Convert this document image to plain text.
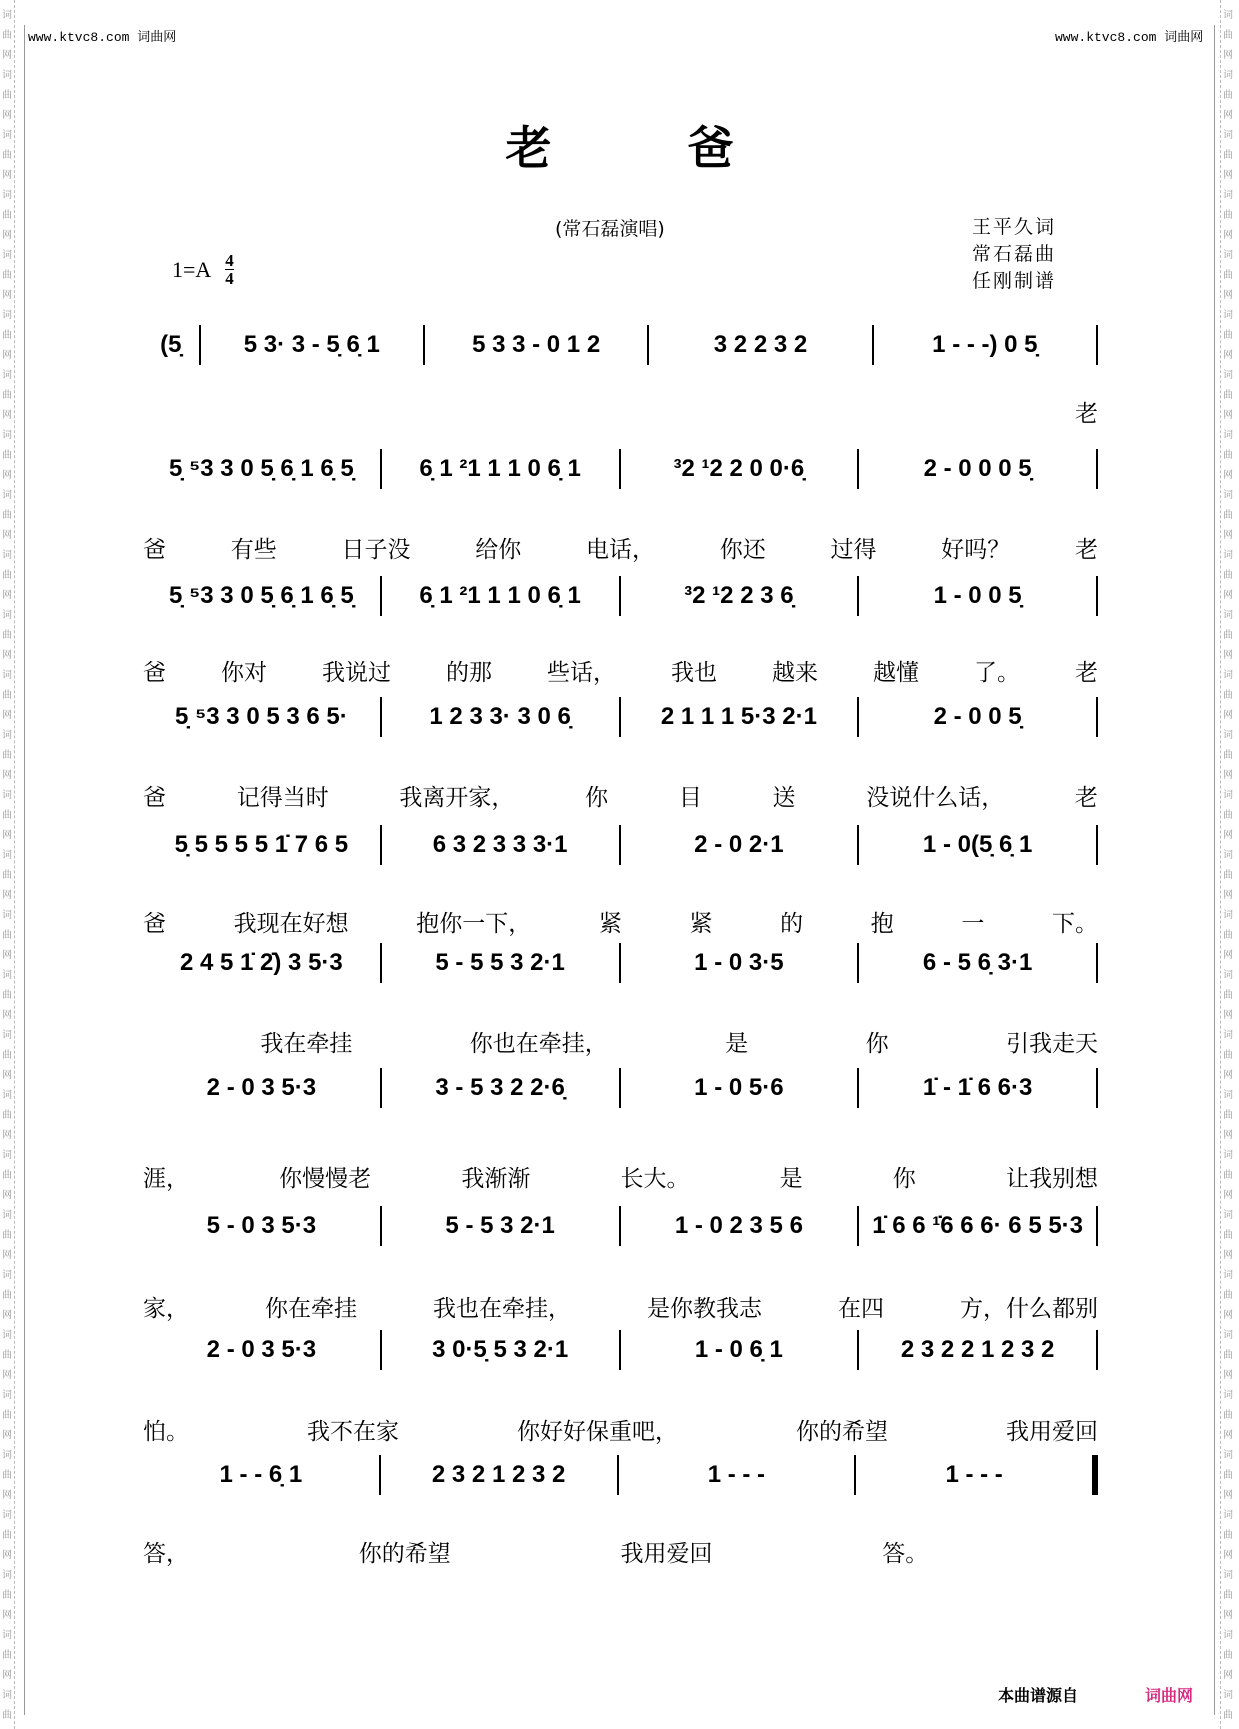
词
曲
网
词
曲
网
词
曲
网
词
曲
网
词
曲
网
词
曲
网
词
曲
网
词
曲
网
词
曲
网
词
曲
网
词
曲
网
词
曲
网
词
曲
网
词
曲
网
词
曲
网
词
曲
网
词
曲
网
词
曲
网
词
曲
网
词
曲
网
词
曲
网
词
曲
网
词
曲
网
词
曲
网
词
曲
网
词
曲
网
词
曲
网
词
曲
网
词
曲
词
曲
网
词
曲
网
词
曲
网
词
曲
网
词
曲
网
词
曲
网
词
曲
网
词
曲
网
词
曲
网
词
曲
网
词
曲
网
词
曲
网
词
曲
网
词
曲
网
词
曲
网
词
曲
网
词
曲
网
词
曲
网
词
曲
网
词
曲
网
词
曲
网
词
曲
网
词
曲
网
词
曲
网
词
曲
网
词
曲
网
词
曲
网
词
曲
网
词
曲
www.ktvc8.com 词曲网	www.ktvc8.com 词曲网
老 爸
(常石磊演唱)	王平久词
常石磊曲
任刚制谱
$1=A \frac{4}{4}$
(5̣	5 3· 3 - 5̣ 6̣ 1	5 3 3 - 0 1 2	3 2 2 3 2	1 - - -) 0 5̣
老
5̣ ⁵3 3 0 5̣ 6̣ 1 6̣ 5̣	6̣ 1 ²1 1 1 0 6̣ 1	³2 ¹2 2 0 0·6̣	2 - 0 0 0 5̣
爸	有些	日子没	给你	电话，	你还	过得	好吗？	老
5̣ ⁵3 3 0 5̣ 6̣ 1 6̣ 5̣	6̣ 1 ²1 1 1 0 6̣ 1	³2 ¹2 2 3 6̣	1 - 0 0 5̣
爸 你对 我说过 的那 些话， 我也 越来 越懂 了。 老
5̣ ⁵3 3 0 5 3 6 5·	1 2 3 3· 3 0 6̣	2 1 1 1 5·3 2·1	2 - 0 0 5̣
爸	记得当时	我离开家，	你	目	送	没说什么话，	老
5̣ 5 5 5 5 1̇ 7 6 5	6 3 2 3 3 3·1	2 - 0 2·1	1 - 0(5̣ 6̣ 1
爸	我现在好想	抱你一下，	紧	紧	的	抱	一	下。
2 4 5 1̇ 2̇) 3 5·3	5 - 5 5 3 2·1	1 - 0 3·5	6 - 5 6̣ 3·1
我在牵挂	你也在牵挂，	是	你	引我走天
2 - 0 3 5·3	3 - 5 3 2 2·6̣	1 - 0 5·6	1̇ - 1̇ 6 6·3
涯，	你慢慢老	我渐渐	长大。	是	你	让我别想
5 - 0 3 5·3	5 - 5 3 2·1	1 - 0 2 3 5 6	1̇ 6 6 ¹̇6 6 6· 6 5 5·3
家，	你在牵挂	我也在牵挂，	是你教我志	在四	方，什么都别
2 - 0 3 5·3	3 0·5̣ 5 3 2·1	1 - 0 6̣ 1	2 3 2 2 1 2 3 2
怕。	我不在家	你好好保重吧，	你的希望	我用爱回
1 - - 6̣ 1	2 3 2 1 2 3 2	1 - - -	1 - - -
答，	你的希望	我用爱回	答。
本曲谱源自	词曲网
